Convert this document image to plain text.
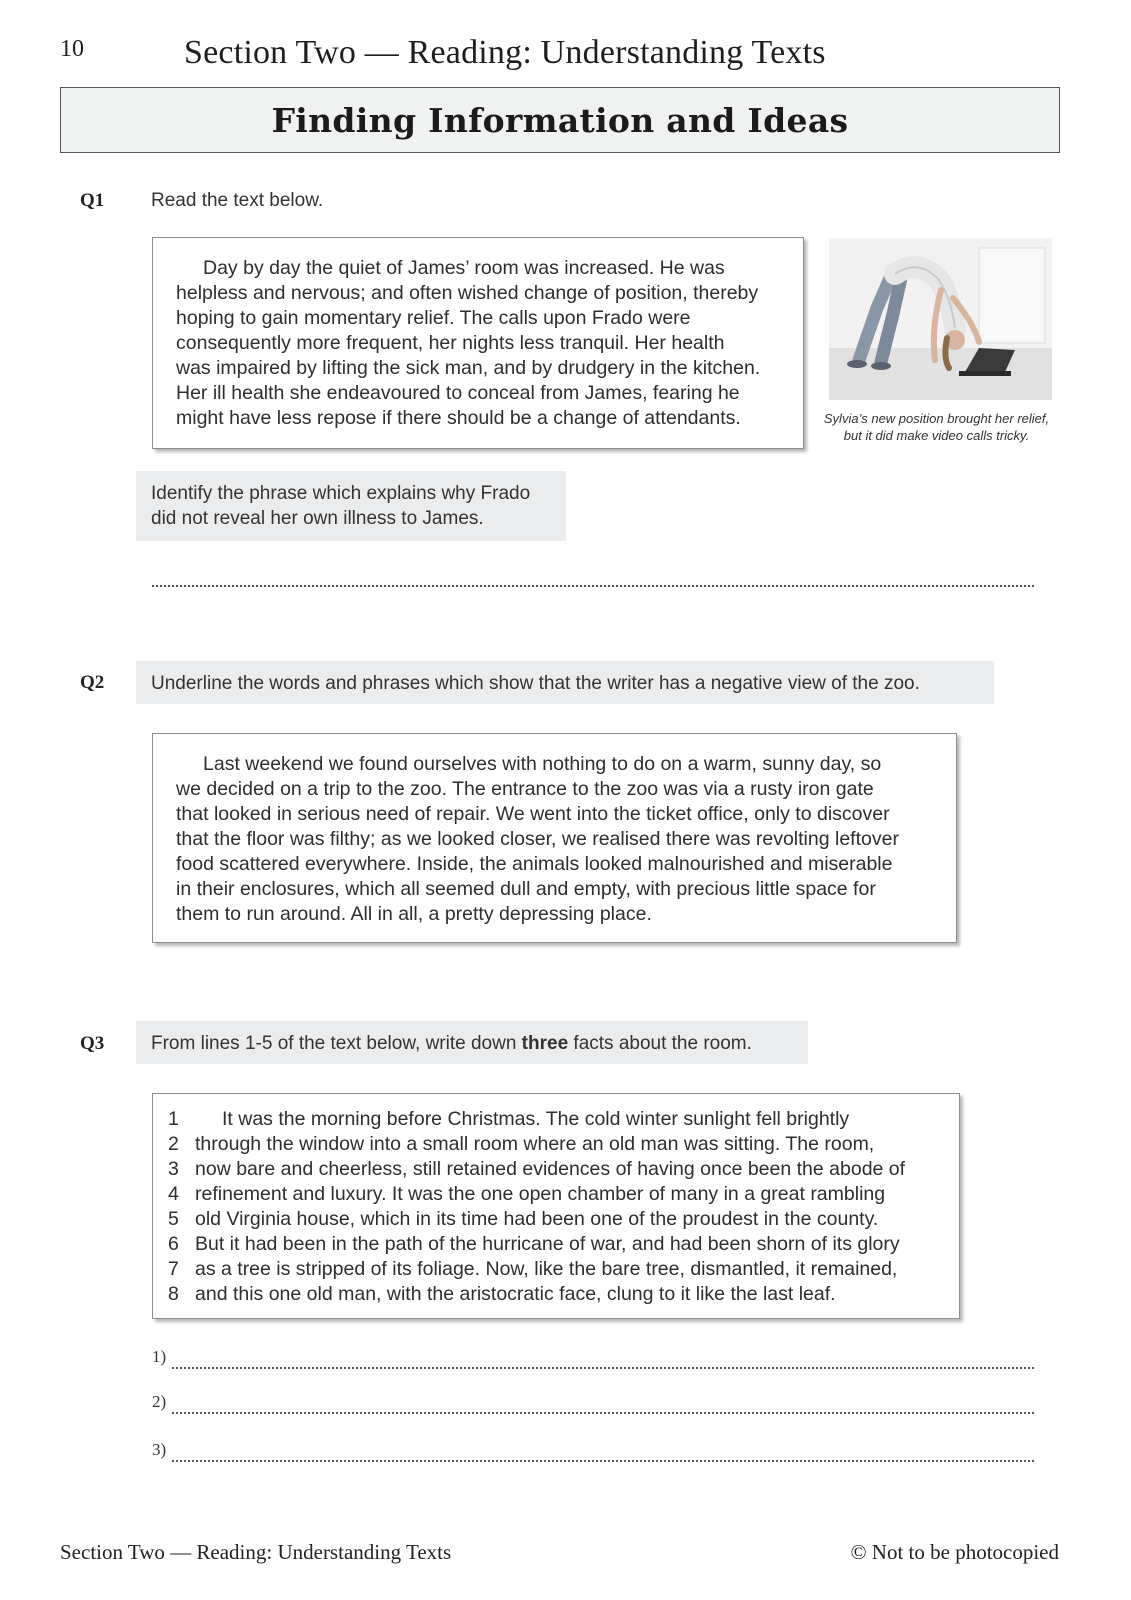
10	Section Two — Reading: Understanding Texts
Finding Information and Ideas
Q1 Read the text below.
Day by day the quiet of James’ room was increased. He was
helpless and nervous; and often wished change of position, thereby
hoping to gain momentary relief. The calls upon Frado were
consequently more frequent, her nights less tranquil. Her health
was impaired by lifting the sick man, and by drudgery in the kitchen.
Her ill health she endeavoured to conceal from James, fearing he
might have less repose if there should be a change of attendants.	Sylvia’s new position brought her relief,
but it did make video calls tricky.
Identify the phrase which explains why Frado
did not reveal her own illness to James.
Q2	Underline the words and phrases which show that the writer has a negative view of the zoo.
Last weekend we found ourselves with nothing to do on a warm, sunny day, so
we decided on a trip to the zoo. The entrance to the zoo was via a rusty iron gate
that looked in serious need of repair. We went into the ticket office, only to discover
that the floor was filthy; as we looked closer, we realised there was revolting leftover
food scattered everywhere. Inside, the animals looked malnourished and miserable
in their enclosures, which all seemed dull and empty, with precious little space for
them to run around. All in all, a pretty depressing place.
Q3	From lines 1-5 of the text below, write down three facts about the room.
1	It was the morning before Christmas. The cold winter sunlight fell brightly
2 through the window into a small room where an old man was sitting. The room,
3 now bare and cheerless, still retained evidences of having once been the abode of
4 refinement and luxury. It was the one open chamber of many in a great rambling
5 old Virginia house, which in its time had been one of the proudest in the county.
6 But it had been in the path of the hurricane of war, and had been shorn of its glory
7 as a tree is stripped of its foliage. Now, like the bare tree, dismantled, it remained,
8 and this one old man, with the aristocratic face, clung to it like the last leaf.
1)
2)
3)
Section Two — Reading: Understanding Texts	© Not to be photocopied
